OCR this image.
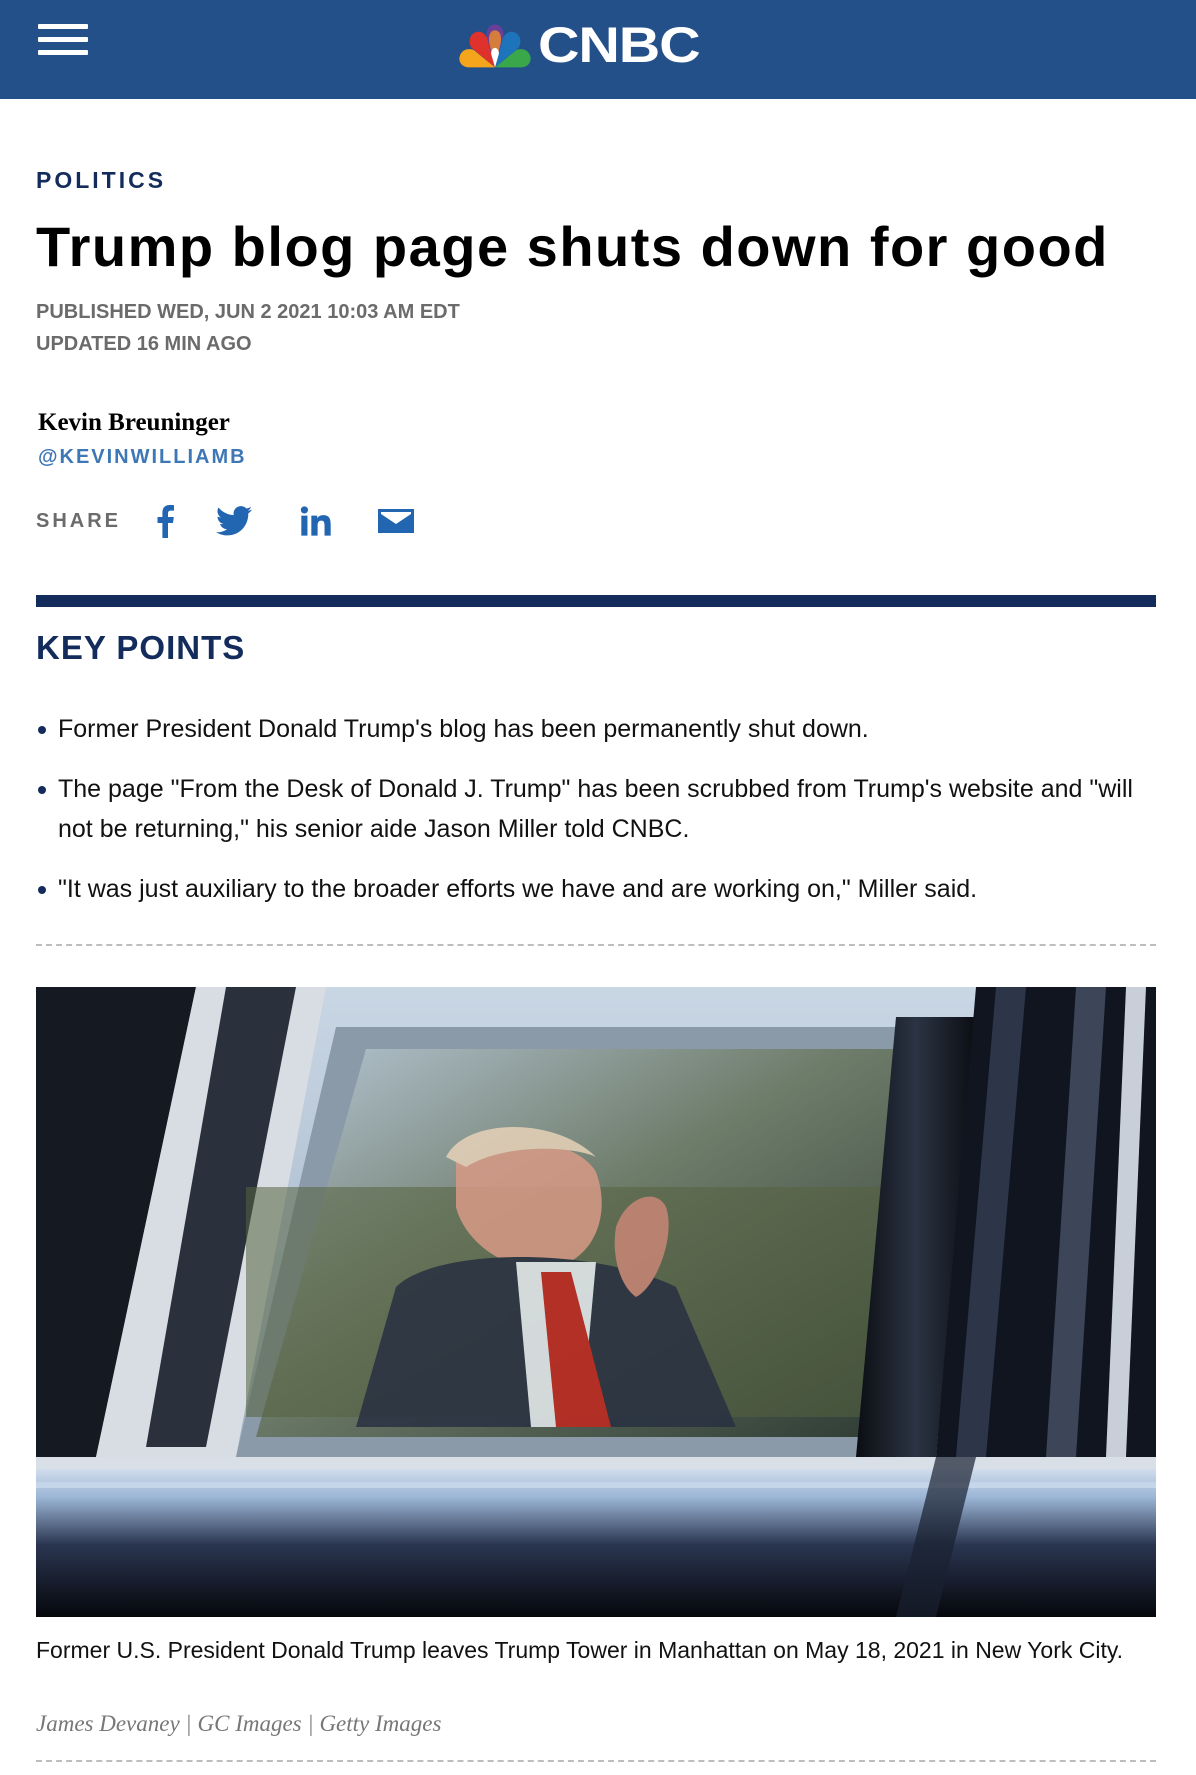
CNBC
POLITICS
Trump blog page shuts down for good
PUBLISHED WED, JUN 2 2021 10:03 AM EDT
UPDATED 16 MIN AGO
Kevin Breuninger
@KEVINWILLIAMB
SHARE
KEY POINTS
Former President Donald Trump's blog has been permanently shut down.
The page "From the Desk of Donald J. Trump" has been scrubbed from Trump's website and "will not be returning," his senior aide Jason Miller told CNBC.
"It was just auxiliary to the broader efforts we have and are working on," Miller said.
Former U.S. President Donald Trump leaves Trump Tower in Manhattan on May 18, 2021 in New York City.
James Devaney | GC Images | Getty Images
